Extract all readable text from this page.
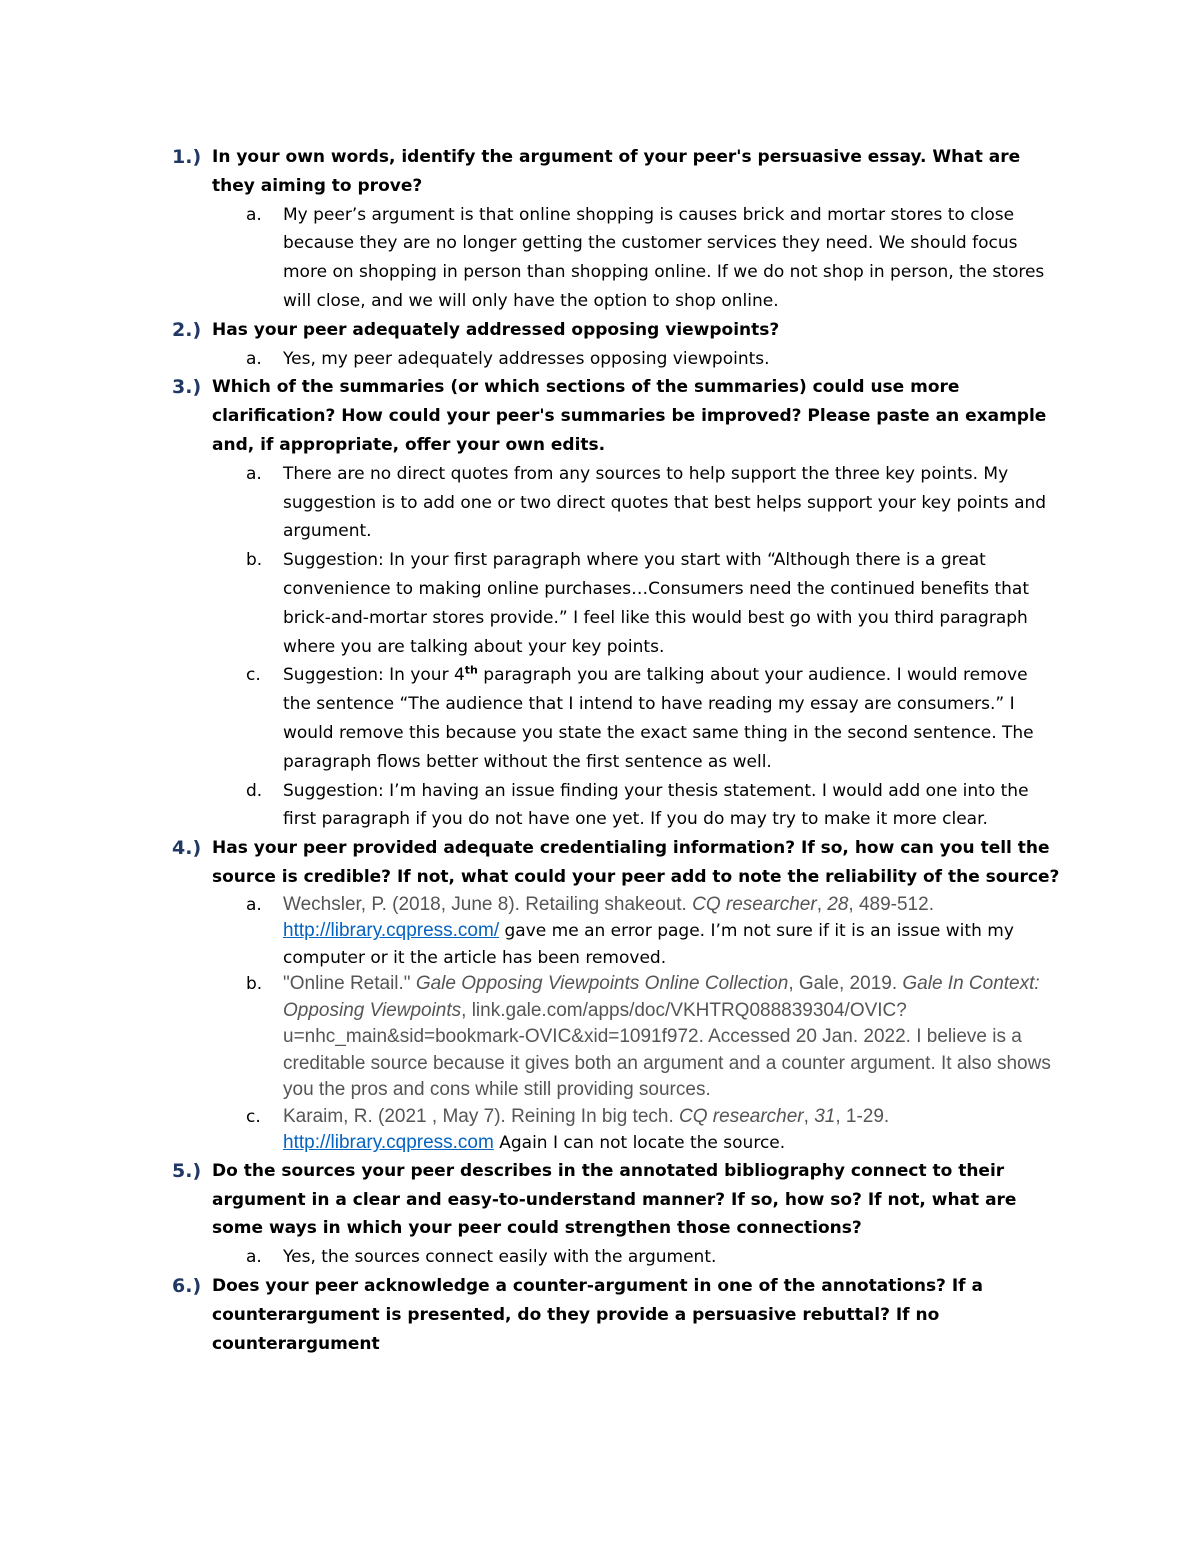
1.) In your own words, identify the argument of your peer's persuasive essay. What are they aiming to prove?
a. My peer’s argument is that online shopping is causes brick and mortar stores to close because they are no longer getting the customer services they need. We should focus more on shopping in person than shopping online. If we do not shop in person, the stores will close, and we will only have the option to shop online.
2.) Has your peer adequately addressed opposing viewpoints?
a. Yes, my peer adequately addresses opposing viewpoints.
3.) Which of the summaries (or which sections of the summaries) could use more clarification? How could your peer's summaries be improved? Please paste an example and, if appropriate, offer your own edits.
a. There are no direct quotes from any sources to help support the three key points. My suggestion is to add one or two direct quotes that best helps support your key points and argument.
b. Suggestion: In your first paragraph where you start with “Although there is a great convenience to making online purchases…Consumers need the continued benefits that brick-and-mortar stores provide.” I feel like this would best go with you third paragraph where you are talking about your key points.
c. Suggestion: In your 4th paragraph you are talking about your audience. I would remove the sentence “The audience that I intend to have reading my essay are consumers.” I would remove this because you state the exact same thing in the second sentence. The paragraph flows better without the first sentence as well.
d. Suggestion: I’m having an issue finding your thesis statement. I would add one into the first paragraph if you do not have one yet. If you do may try to make it more clear.
4.) Has your peer provided adequate credentialing information? If so, how can you tell the source is credible? If not, what could your peer add to note the reliability of the source?
a. Wechsler, P. (2018, June 8). Retailing shakeout. CQ researcher, 28, 489-512. http://library.cqpress.com/ gave me an error page. I’m not sure if it is an issue with my computer or it the article has been removed.
b. "Online Retail." Gale Opposing Viewpoints Online Collection, Gale, 2019. Gale In Context: Opposing Viewpoints, link.gale.com/apps/doc/VKHTRQ088839304/OVIC?u=nhc_main&sid=bookmark-OVIC&xid=1091f972. Accessed 20 Jan. 2022. I believe is a creditable source because it gives both an argument and a counter argument. It also shows you the pros and cons while still providing sources.
c. Karaim, R. (2021 , May 7). Reining In big tech. CQ researcher, 31, 1-29. http://library.cqpress.com Again I can not locate the source.
5.) Do the sources your peer describes in the annotated bibliography connect to their argument in a clear and easy-to-understand manner? If so, how so? If not, what are some ways in which your peer could strengthen those connections?
a. Yes, the sources connect easily with the argument.
6.) Does your peer acknowledge a counter-argument in one of the annotations? If a counterargument is presented, do they provide a persuasive rebuttal? If no counterargument
